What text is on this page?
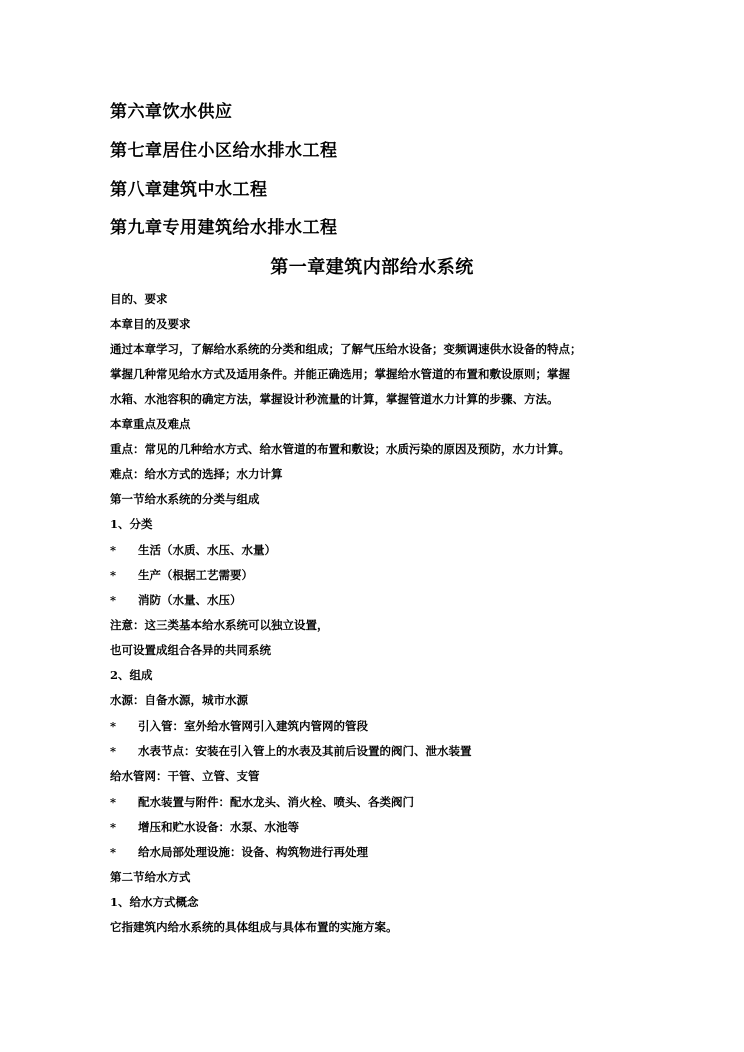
第六章饮水供应
第七章居住小区给水排水工程
第八章建筑中水工程
第九章专用建筑给水排水工程
第一章建筑内部给水系统
目的、要求
本章目的及要求
通过本章学习，了解给水系统的分类和组成；了解气压给水设备；变频调速供水设备的特点；
掌握几种常见给水方式及适用条件。并能正确选用；掌握给水管道的布置和敷设原则；掌握
水箱、水池容积的确定方法，掌握设计秒流量的计算，掌握管道水力计算的步骤、方法。
本章重点及难点
重点：常见的几种给水方式、给水管道的布置和敷设；水质污染的原因及预防，水力计算。
难点：给水方式的选择；水力计算
第一节给水系统的分类与组成
1、分类
* 生活（水质、水压、水量）
* 生产（根据工艺需要）
* 消防（水量、水压）
注意：这三类基本给水系统可以独立设置，
也可设置成组合各异的共同系统
2、组成
水源：自备水源，城市水源
* 引入管：室外给水管网引入建筑内管网的管段
* 水表节点：安装在引入管上的水表及其前后设置的阀门、泄水装置
给水管网：干管、立管、支管
* 配水装置与附件：配水龙头、消火栓、喷头、各类阀门
* 增压和贮水设备：水泵、水池等
* 给水局部处理设施：设备、构筑物进行再处理
第二节给水方式
1、给水方式概念
它指建筑内给水系统的具体组成与具体布置的实施方案。
